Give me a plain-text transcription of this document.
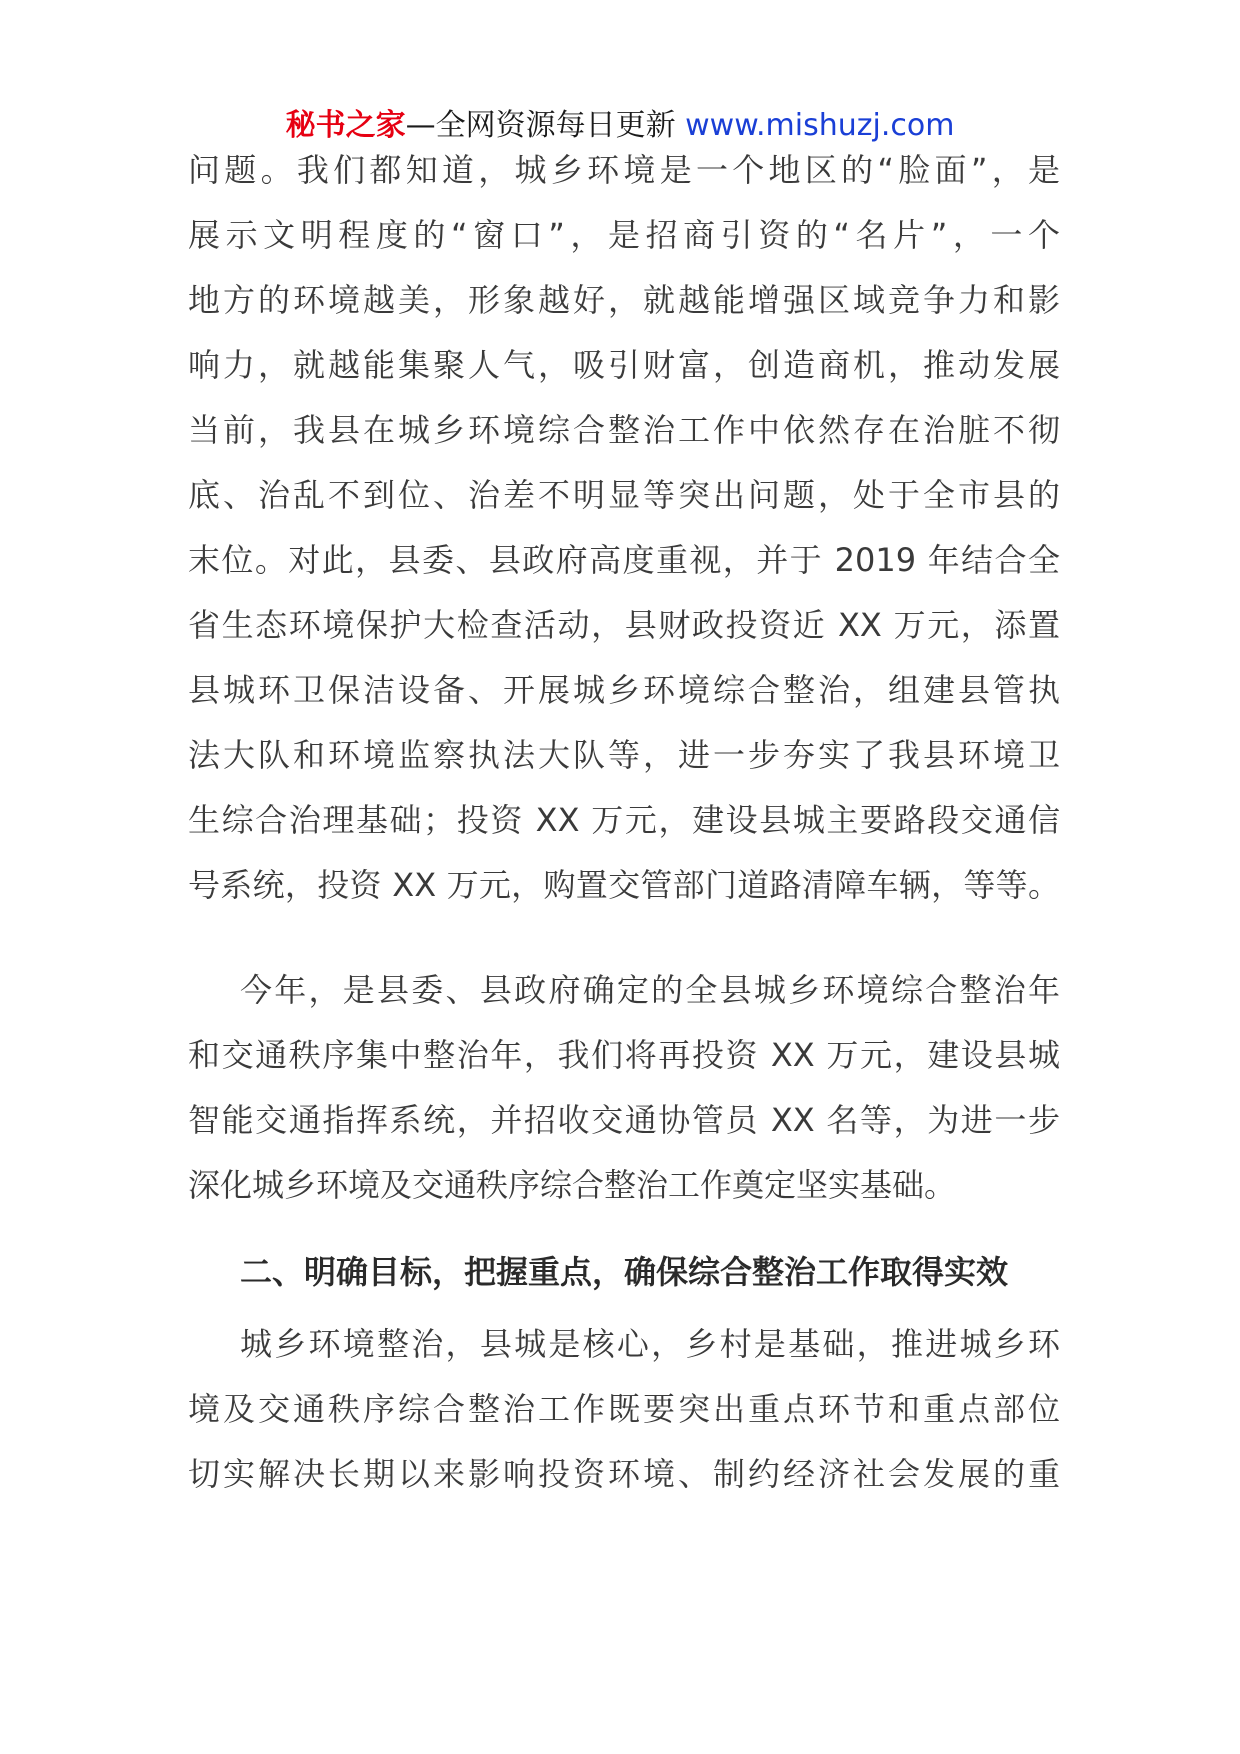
秘书之家—全网资源每日更新 www.mishuzj.com
问题。我们都知道，城乡环境是一个地区的“脸面”，是
展示文明程度的“窗口”，是招商引资的“名片”，一个
地方的环境越美，形象越好，就越能增强区域竞争力和影
响力，就越能集聚人气，吸引财富，创造商机，推动发展
当前，我县在城乡环境综合整治工作中依然存在治脏不彻
底、治乱不到位、治差不明显等突出问题，处于全市县的
末位。对此，县委、县政府高度重视，并于 2019 年结合全
省生态环境保护大检查活动，县财政投资近 XX 万元，添置
县城环卫保洁设备、开展城乡环境综合整治，组建县管执
法大队和环境监察执法大队等，进一步夯实了我县环境卫
生综合治理基础；投资 XX 万元，建设县城主要路段交通信
号系统，投资 XX 万元，购置交管部门道路清障车辆，等等。
今年，是县委、县政府确定的全县城乡环境综合整治年
和交通秩序集中整治年，我们将再投资 XX 万元，建设县城
智能交通指挥系统，并招收交通协管员 XX 名等，为进一步
深化城乡环境及交通秩序综合整治工作奠定坚实基础。
二、明确目标，把握重点，确保综合整治工作取得实效
城乡环境整治，县城是核心，乡村是基础，推进城乡环
境及交通秩序综合整治工作既要突出重点环节和重点部位
切实解决长期以来影响投资环境、制约经济社会发展的重
